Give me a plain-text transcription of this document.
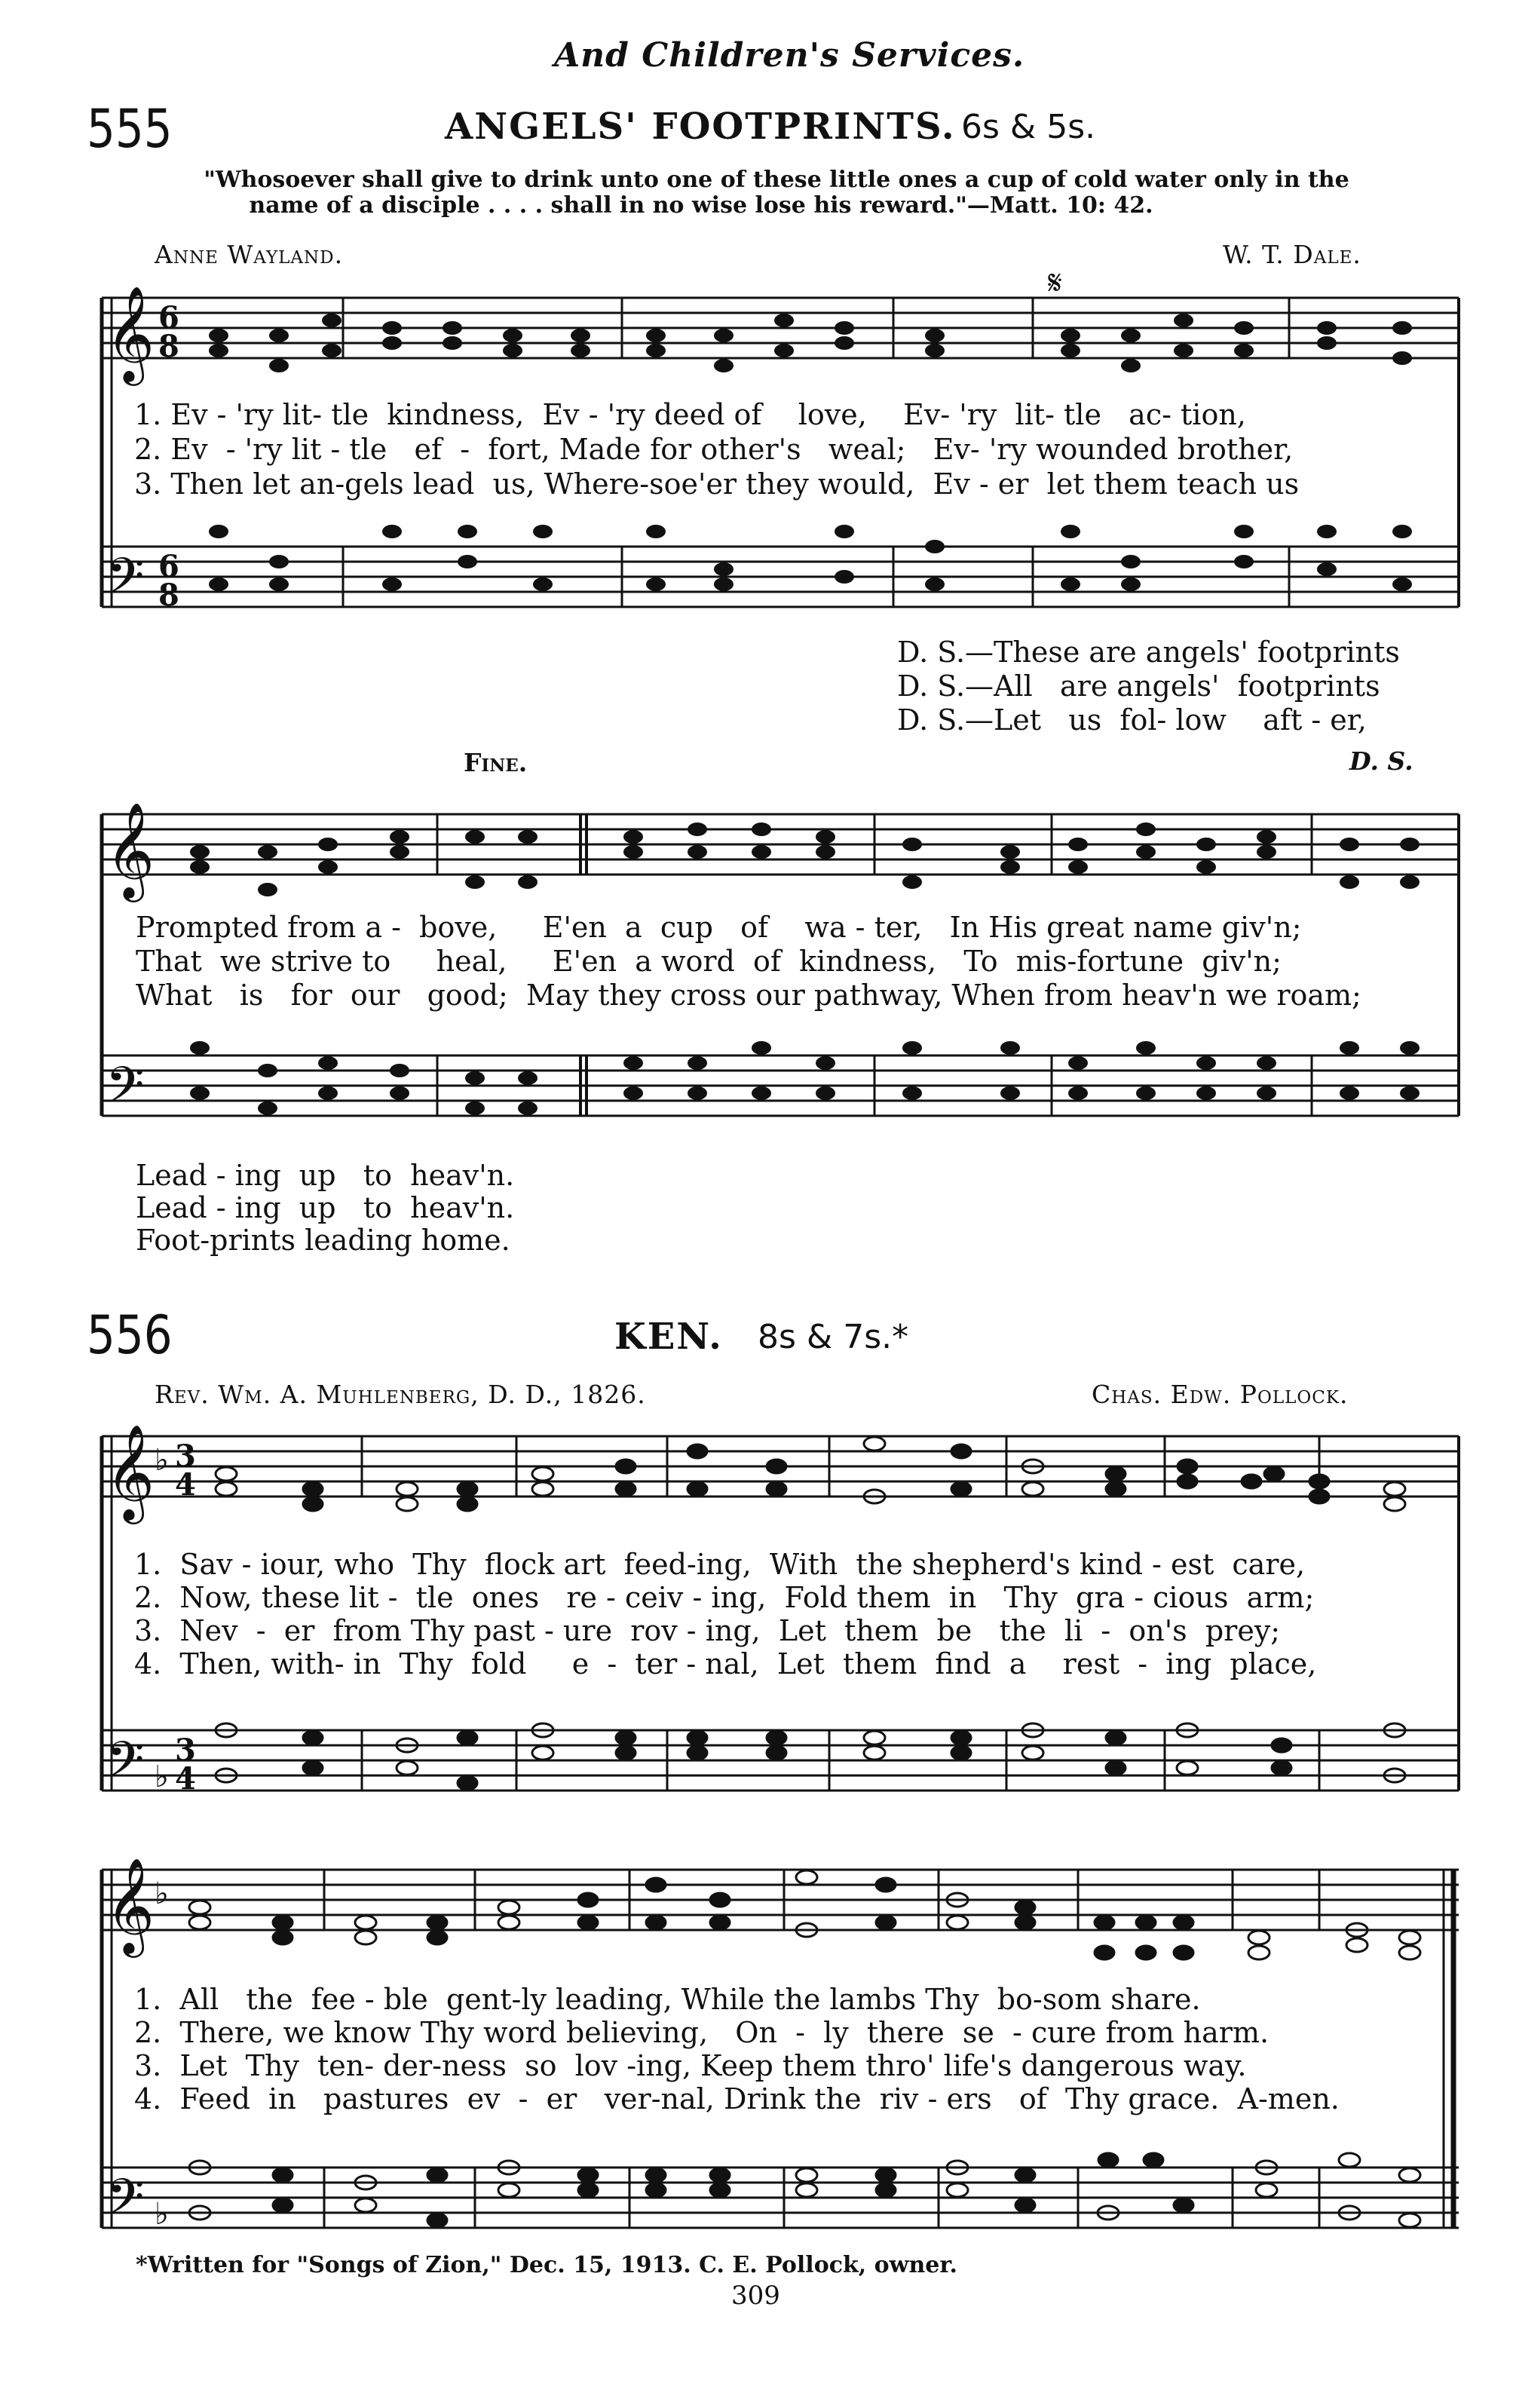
And Children's Services.
555	ANGELS' FOOTPRINTS. 6s & 5s.
"Whosoever shall give to drink unto one of these little ones a cup of cold water only in the
name of a disciple . . . . shall in no wise lose his reward."—Matt. 10: 42.
Anne Wayland.	W. T. Dale.
𝄞
𝄢
6
8
6
8
𝄋
1. Ev - 'ry lit- tle  kindness,  Ev - 'ry deed of    love,    Ev- 'ry  lit- tle   ac- tion,
2. Ev  - 'ry lit - tle   ef  -  fort, Made for other's   weal;   Ev- 'ry wounded brother,
3. Then let an-gels lead  us, Where-soe'er they would,  Ev - er  let them teach us
D. S.—These are angels' footprints
D. S.—All   are angels'  footprints
D. S.—Let   us  fol- low    aft - er,
Fine.	D. S.
𝄞
𝄢
Prompted from a -  bove,     E'en  a  cup   of    wa - ter,   In His great name giv'n;
That  we strive to     heal,     E'en  a word  of  kindness,   To  mis-fortune  giv'n;
What   is   for  our   good;  May they cross our pathway, When from heav'n we roam;
Lead - ing  up   to  heav'n.
Lead - ing  up   to  heav'n.
Foot-prints leading home.
556	KEN. 8s & 7s.*
Rev. Wm. A. Muhlenberg, D. D., 1826.	Chas. Edw. Pollock.
𝄞 ♭ 3
4
𝄢 ♭
3
4
1.  Sav - iour, who  Thy  flock art  feed-ing,  With  the shepherd's kind - est  care,
2.  Now, these lit -  tle  ones   re - ceiv - ing,  Fold them  in   Thy  gra - cious  arm;
3.  Nev  -  er  from Thy past - ure  rov - ing,  Let  them  be   the  li  -  on's  prey;
4.  Then, with- in  Thy  fold     e  -  ter - nal,  Let  them  find  a    rest  -  ing  place,
𝄞 ♭
𝄢 ♭
1.  All   the  fee - ble  gent-ly leading, While the lambs Thy  bo-som share.
2.  There, we know Thy word believing,   On  -  ly  there  se  - cure from harm.
3.  Let  Thy  ten- der-ness  so  lov -ing, Keep them thro' life's dangerous way.
4.  Feed  in   pastures  ev  -  er   ver-nal, Drink the  riv - ers   of  Thy grace.  A-men.
*Written for "Songs of Zion," Dec. 15, 1913. C. E. Pollock, owner.
309
